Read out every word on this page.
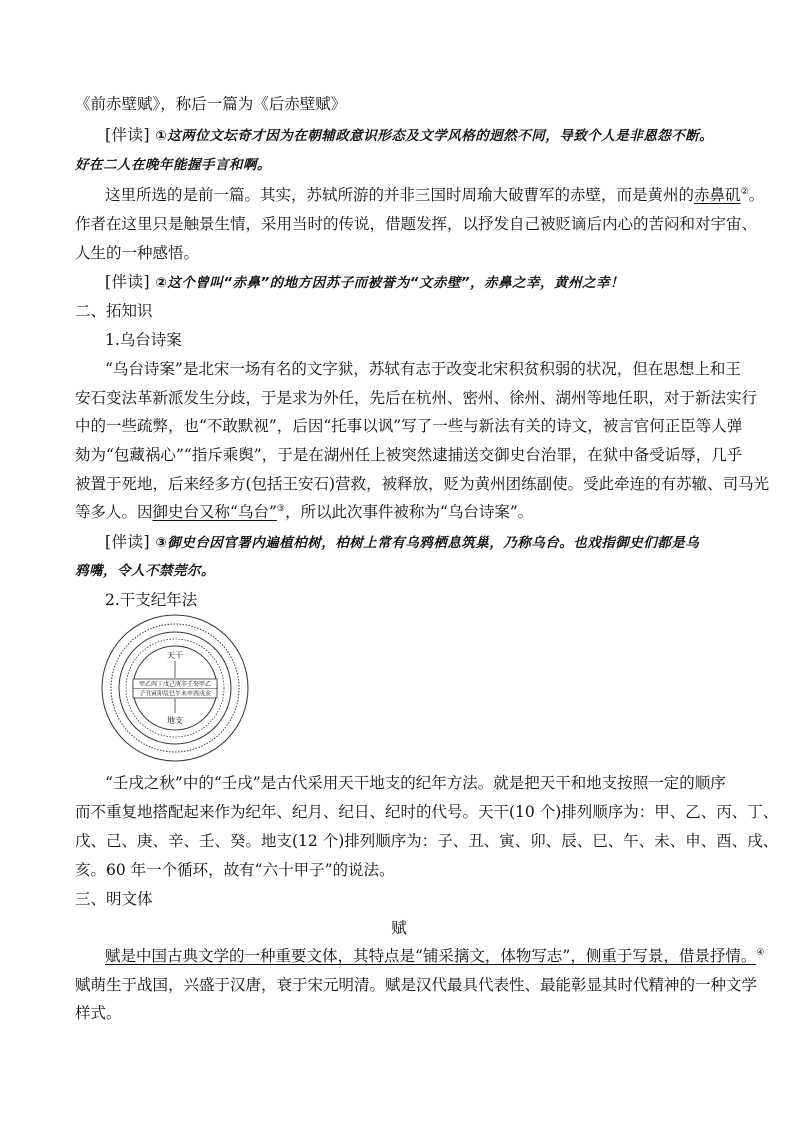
《前赤壁赋》，称后一篇为《后赤壁赋》
[伴读] ①这两位文坛奇才因为在朝辅政意识形态及文学风格的迥然不同，导致个人是非恩怨不断。
好在二人在晚年能握手言和啊。
这里所选的是前一篇。其实，苏轼所游的并非三国时周瑜大破曹军的赤壁，而是黄州的赤鼻矶②。
作者在这里只是触景生情，采用当时的传说，借题发挥，以抒发自己被贬谪后内心的苦闷和对宇宙、
人生的一种感悟。
[伴读] ②这个曾叫“赤鼻”的地方因苏子而被誉为“文赤壁”，赤鼻之幸，黄州之幸！
二、拓知识
1.乌台诗案
“乌台诗案”是北宋一场有名的文字狱，苏轼有志于改变北宋积贫积弱的状况，但在思想上和王
安石变法革新派发生分歧，于是求为外任，先后在杭州、密州、徐州、湖州等地任职，对于新法实行
中的一些疏弊，也“不敢默视”，后因“托事以讽”写了一些与新法有关的诗文，被言官何正臣等人弹
劾为“包藏祸心”“指斥乘舆”，于是在湖州任上被突然逮捕送交御史台治罪，在狱中备受诟辱，几乎
被置于死地，后来经多方(包括王安石)营救，被释放，贬为黄州团练副使。受此牵连的有苏辙、司马光
等多人。因御史台又称“乌台”③，所以此次事件被称为“乌台诗案”。
[伴读] ③御史台因官署内遍植柏树，柏树上常有乌鸦栖息筑巢，乃称乌台。也戏指御史们都是乌
鸦嘴，令人不禁莞尔。
2.干支纪年法
甲乙丙丁戊己庚辛壬癸甲乙
子丑寅卯辰巳午未申酉戌亥
天干
地支
“壬戌之秋”中的“壬戌”是古代采用天干地支的纪年方法。就是把天干和地支按照一定的顺序
而不重复地搭配起来作为纪年、纪月、纪日、纪时的代号。天干(10 个)排列顺序为：甲、乙、丙、丁、
戊、己、庚、辛、壬、癸。地支(12 个)排列顺序为：子、丑、寅、卯、辰、巳、午、未、申、酉、戌、
亥。60 年一个循环，故有“六十甲子”的说法。
三、明文体
赋
赋是中国古典文学的一种重要文体，其特点是“铺采摛文，体物写志”，侧重于写景，借景抒情。④
赋萌生于战国，兴盛于汉唐，衰于宋元明清。赋是汉代最具代表性、最能彰显其时代精神的一种文学
样式。
